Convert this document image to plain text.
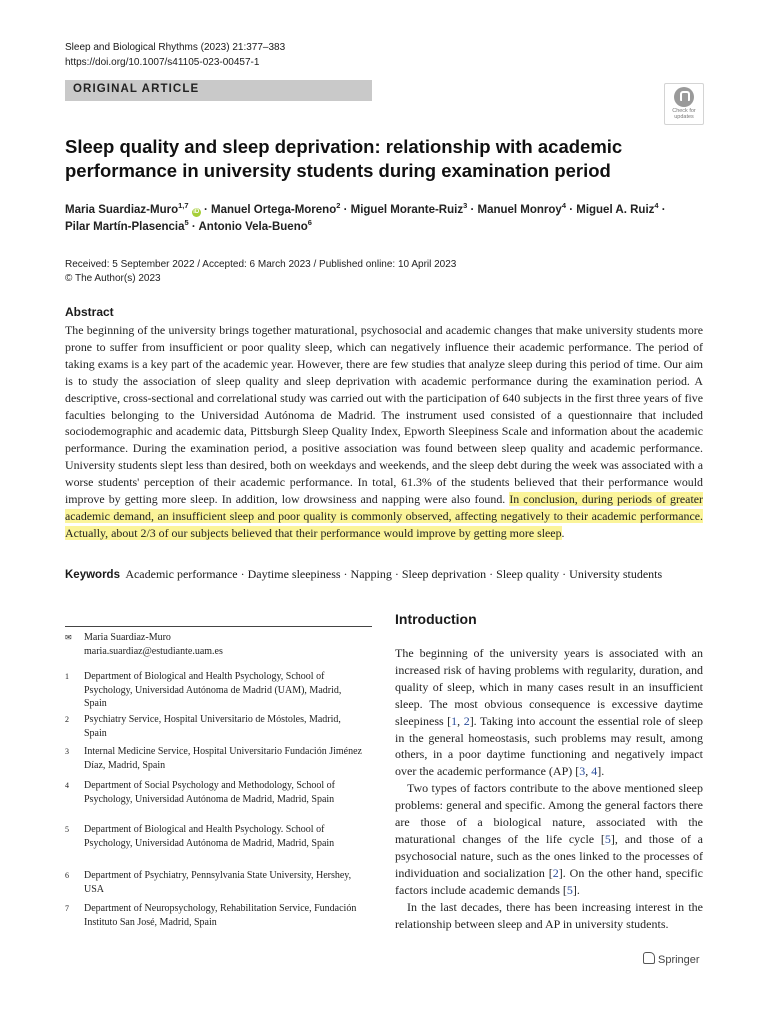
Sleep and Biological Rhythms (2023) 21:377–383
https://doi.org/10.1007/s41105-023-00457-1
ORIGINAL ARTICLE
Check for updates
Sleep quality and sleep deprivation: relationship with academic performance in university students during examination period
Maria Suardiaz-Muro$^{1,7}$ iD · Manuel Ortega-Moreno$^2$ · Miguel Morante-Ruiz$^3$ · Manuel Monroy$^4$ · Miguel A. Ruiz$^4$ ·
Pilar Martín-Plasencia$^5$ · Antonio Vela-Bueno$^6$
Received: 5 September 2022 / Accepted: 6 March 2023 / Published online: 10 April 2023
© The Author(s) 2023
Abstract
The beginning of the university brings together maturational, psychosocial and academic changes that make university students more prone to suffer from insufficient or poor quality sleep, which can negatively influence their academic performance. The period of taking exams is a key part of the academic year. However, there are few studies that analyze sleep during this period of time. Our aim is to study the association of sleep quality and sleep deprivation with academic performance during the examination period. A descriptive, cross-sectional and correlational study was carried out with the participation of 640 subjects in the first three years of five faculties belonging to the Universidad Autónoma de Madrid. The instrument used consisted of a questionnaire that included sociodemographic and academic data, Pittsburgh Sleep Quality Index, Epworth Sleepiness Scale and information about the academic performance. During the examination period, a positive association was found between sleep quality and academic performance. University students slept less than desired, both on weekdays and weekends, and the sleep debt during the week was associated with a worse students' perception of their academic performance. In total, 61.3% of the students believed that their performance would improve by getting more sleep. In addition, low drowsiness and napping were also found. In conclusion, during periods of greater academic demand, an insufficient sleep and poor quality is commonly observed, affecting negatively to their academic performance. Actually, about 2/3 of our subjects believed that their performance would improve by getting more sleep.
Keywords Academic performance · Daytime sleepiness · Napping · Sleep deprivation · Sleep quality · University students
✉ Maria Suardiaz-Muro
maria.suardiaz@estudiante.uam.es
1 Department of Biological and Health Psychology, School of Psychology, Universidad Autónoma de Madrid (UAM), Madrid, Spain
2 Psychiatry Service, Hospital Universitario de Móstoles, Madrid, Spain
3 Internal Medicine Service, Hospital Universitario Fundación Jiménez Díaz, Madrid, Spain
4 Department of Social Psychology and Methodology, School of Psychology, Universidad Autónoma de Madrid, Madrid, Spain
5 Department of Biological and Health Psychology. School of Psychology, Universidad Autónoma de Madrid, Madrid, Spain
6 Department of Psychiatry, Pennsylvania State University, Hershey, USA
7 Department of Neuropsychology, Rehabilitation Service, Fundación Instituto San José, Madrid, Spain
Introduction

The beginning of the university years is associated with an increased risk of having problems with regularity, duration, and quality of sleep, which in many cases result in an insufficient sleep. The most obvious consequence is excessive daytime sleepiness [1, 2]. Taking into account the essential role of sleep in the general homeostasis, such problems may result, among others, in a poor daytime functioning and negatively impact over the academic performance (AP) [3, 4].

Two types of factors contribute to the above mentioned sleep problems: general and specific. Among the general factors there are those of a biological nature, associated with the maturational changes of the life cycle [5], and those of a psychosocial nature, such as the ones linked to the processes of individuation and socialization [2]. On the other hand, specific factors include academic demands [5].

In the last decades, there has been increasing interest in the relationship between sleep and AP in university students.

Springer
